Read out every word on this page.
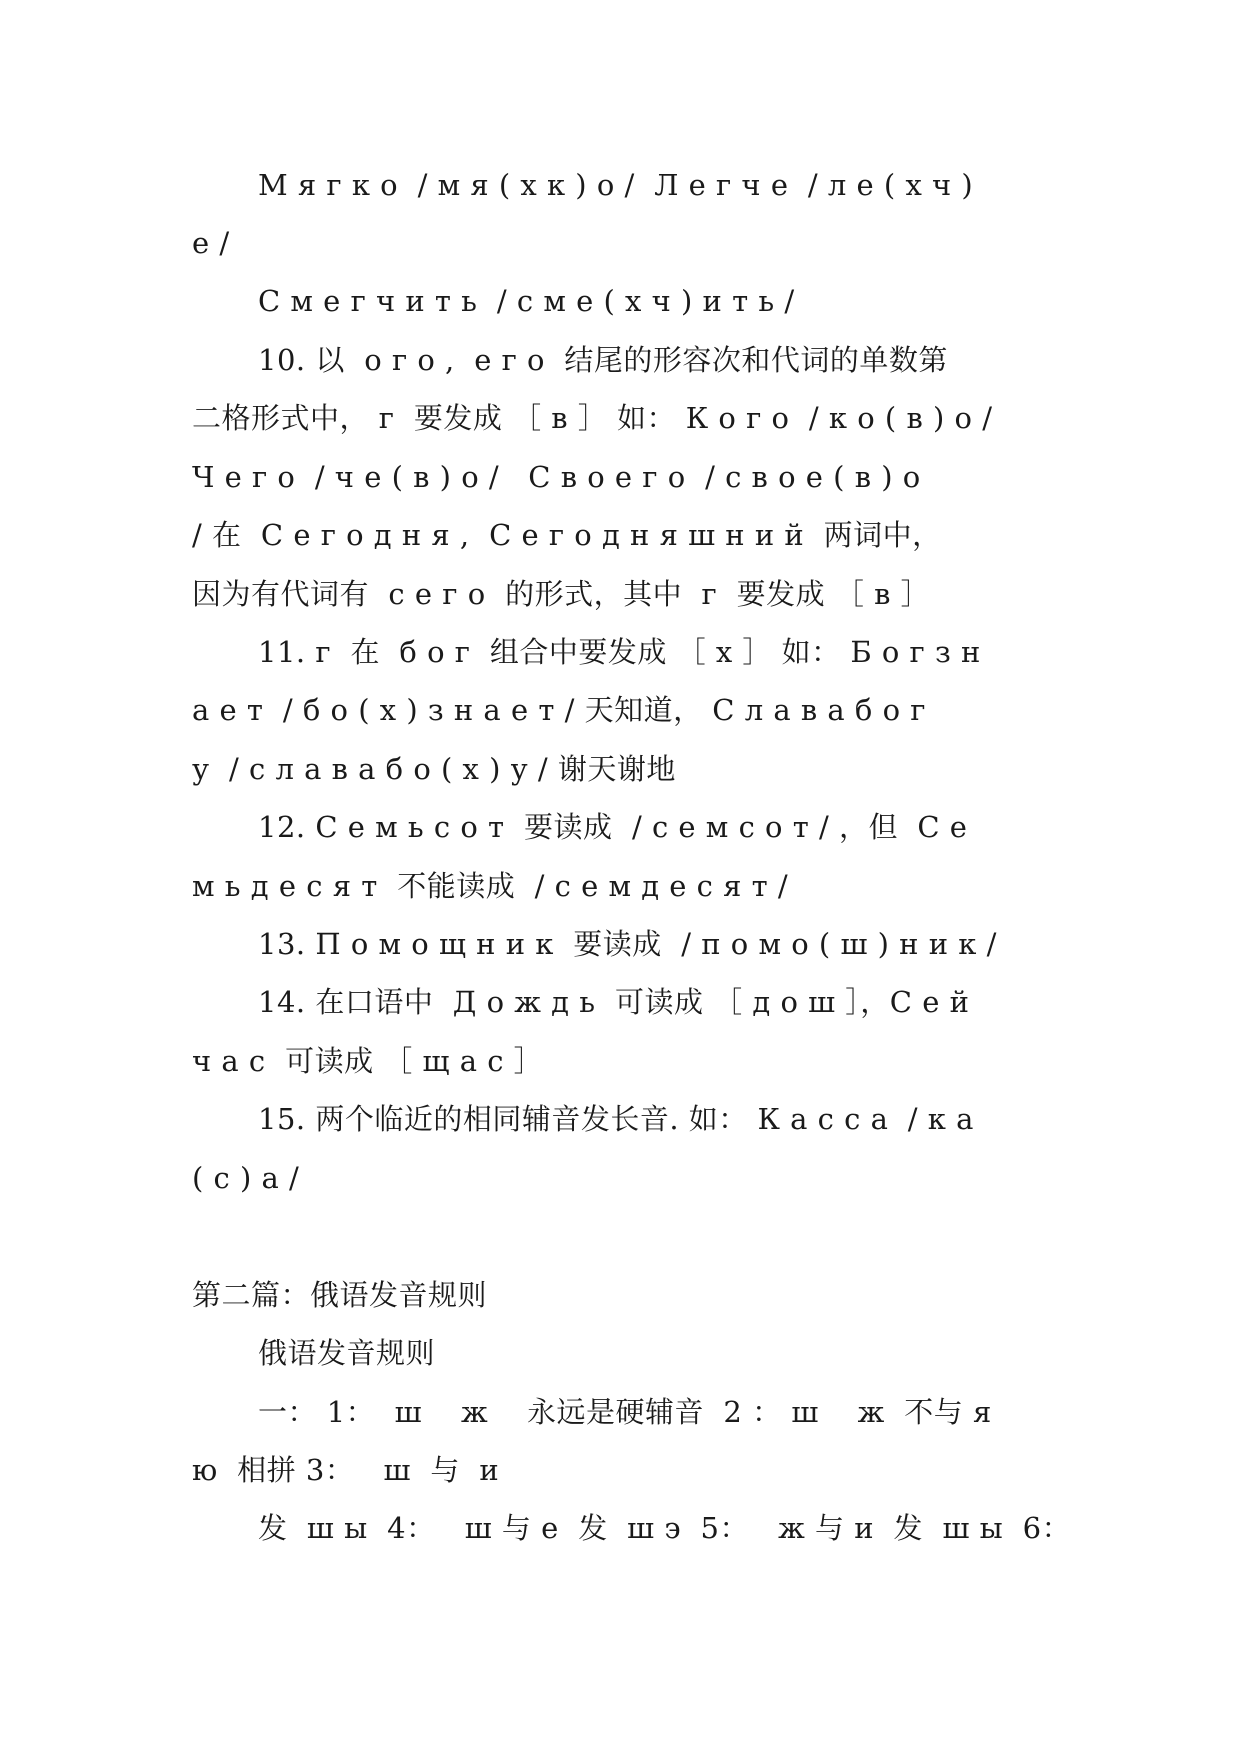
М я г к о  / м я ( х к ) о /  Л е г ч е  / л е ( х ч )
е /
С м е г ч и т ь  / с м е ( х ч ) и т ь /
10. 以  о г о ,  е г о  结尾的形容次和代词的单数第
二格形式中， г  要发成 ［ в ］ 如： К о г о  / к о ( в ) о /
Ч е г о  / ч е ( в ) о /   С в о е г о  / с в о е ( в ) о
/ 在  С е г о д н я ,  С е г о д н я ш н и й  两词中，
因为有代词有  с е г о  的形式，其中  г  要发成 ［ в ］
11. г  在  б о г  组合中要发成 ［ х ］ 如： Б о г з н
а е т  / б о ( х ) з н а е т / 天知道， С л а в а б о г
у  / с л а в а б о ( х ) у / 谢天谢地
12. С е м ь с о т  要读成  / с е м с о т / ，但  С е
м ь д е с я т  不能读成  / с е м д е с я т /
13. П о м о щ н и к  要读成  / п о м о ( ш ) н и к /
14. 在口语中  Д о ж д ь  可读成 ［ д о ш ］，С е й
ч а с  可读成 ［ щ а с ］
15. 两个临近的相同辅音发长音. 如： К а с с а  / к а
( с ) а /
第二篇：俄语发音规则
俄语发音规则
一： 1：  ш    ж    永远是硬辅音  2 ： ш    ж  不与 я
ю  相拼 3：   ш  与  и
发  ш ы  4：   ш 与 е  发  ш э  5：   ж 与 и  发  ш ы  6：
